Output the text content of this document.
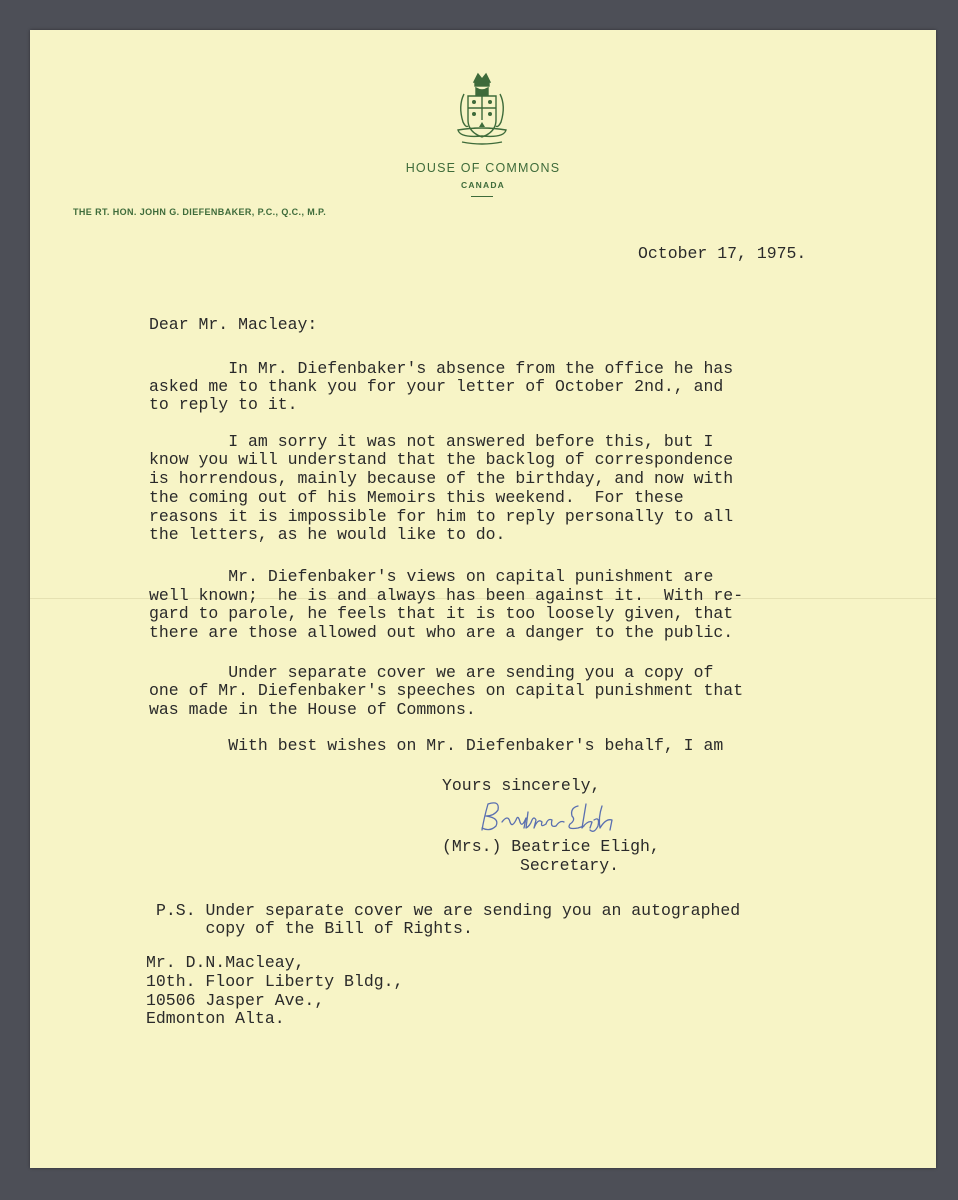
HOUSE OF COMMONS
CANADA
THE RT. HON. JOHN G. DIEFENBAKER, P.C., Q.C., M.P.
October 17, 1975.
Dear Mr. Macleay:
In Mr. Diefenbaker's absence from the office he has
asked me to thank you for your letter of October 2nd., and
to reply to it.
I am sorry it was not answered before this, but I
know you will understand that the backlog of correspondence
is horrendous, mainly because of the birthday, and now with
the coming out of his Memoirs this weekend.  For these
reasons it is impossible for him to reply personally to all
the letters, as he would like to do.
Mr. Diefenbaker's views on capital punishment are
well known;  he is and always has been against it.  With re-
gard to parole, he feels that it is too loosely given, that
there are those allowed out who are a danger to the public.
Under separate cover we are sending you a copy of
one of Mr. Diefenbaker's speeches on capital punishment that
was made in the House of Commons.
With best wishes on Mr. Diefenbaker's behalf, I am
Yours sincerely,
(Mrs.) Beatrice Eligh,
Secretary.
P.S. Under separate cover we are sending you an autographed
copy of the Bill of Rights.
Mr. D.N.Macleay,
10th. Floor Liberty Bldg.,
10506 Jasper Ave.,
Edmonton Alta.
